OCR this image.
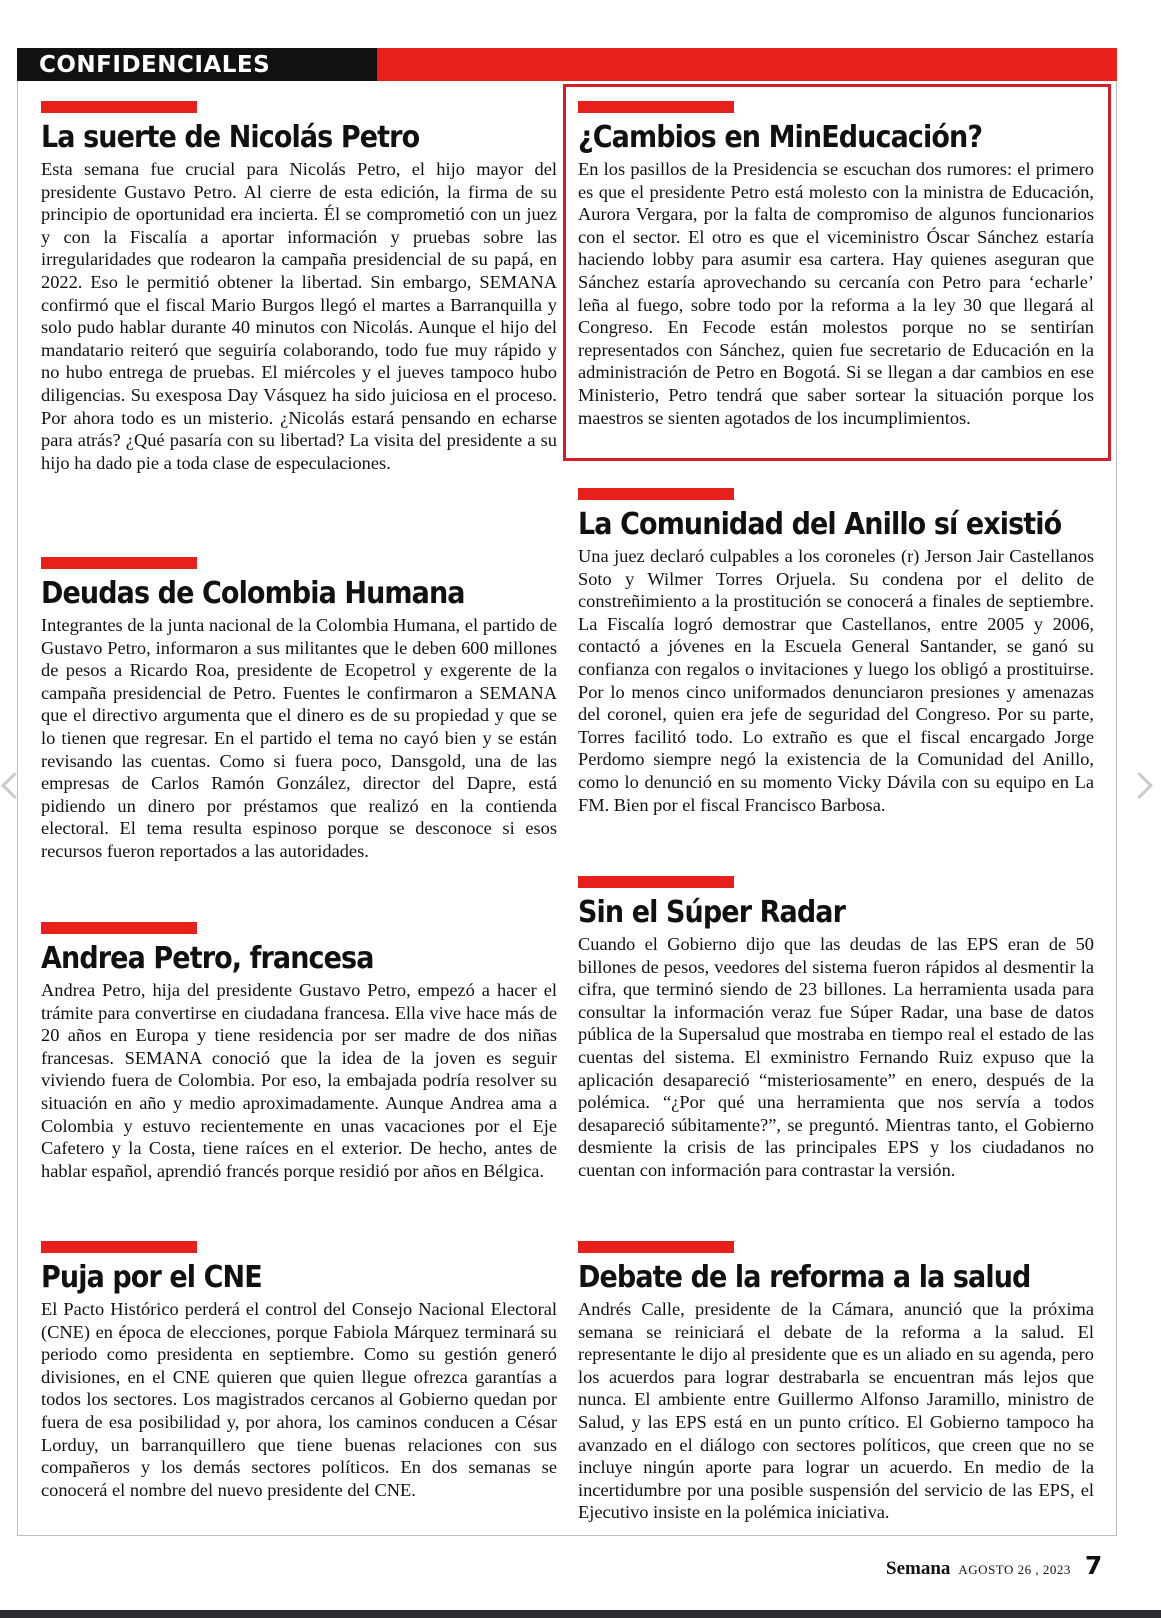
CONFIDENCIALES
La suerte de Nicolás Petro

Esta semana fue crucial para Nicolás Petro, el hijo mayor del presidente Gustavo Petro. Al cierre de esta edición, la firma de su principio de oportunidad era incierta. Él se comprometió con un juez y con la Fiscalía a aportar información y pruebas sobre las irregularidades que rodearon la campaña presidencial de su papá, en 2022. Eso le permitió obtener la libertad. Sin embargo, SEMANA confirmó que el fiscal Mario Burgos llegó el martes a Barranquilla y solo pudo hablar durante 40 minutos con Nicolás. Aunque el hijo del mandatario reiteró que seguiría colaborando, todo fue muy rápido y no hubo entrega de pruebas. El miércoles y el jueves tampoco hubo diligencias. Su exesposa Day Vásquez ha sido juiciosa en el proceso. Por ahora todo es un misterio. ¿Nicolás estará pensando en echarse para atrás? ¿Qué pasaría con su libertad? La visita del presidente a su hijo ha dado pie a toda clase de especulaciones.

Deudas de Colombia Humana

Integrantes de la junta nacional de la Colombia Humana, el partido de Gustavo Petro, informaron a sus militantes que le deben 600 millones de pesos a Ricardo Roa, presidente de Ecopetrol y exgerente de la campaña presidencial de Petro. Fuentes le confirmaron a SEMANA que el directivo argumenta que el dinero es de su propiedad y que se lo tienen que regresar. En el partido el tema no cayó bien y se están revisando las cuentas. Como si fuera poco, Dansgold, una de las empresas de Carlos Ramón González, director del Dapre, está pidiendo un dinero por préstamos que realizó en la contienda electoral. El tema resulta espinoso porque se desconoce si esos recursos fueron reportados a las autoridades.

Andrea Petro, francesa

Andrea Petro, hija del presidente Gustavo Petro, empezó a hacer el trámite para convertirse en ciudadana francesa. Ella vive hace más de 20 años en Europa y tiene residencia por ser madre de dos niñas francesas. SEMANA conoció que la idea de la joven es seguir viviendo fuera de Colombia. Por eso, la embajada podría resolver su situación en año y medio aproximadamente. Aunque Andrea ama a Colombia y estuvo recientemente en unas vacaciones por el Eje Cafetero y la Costa, tiene raíces en el exterior. De hecho, antes de hablar español, aprendió francés porque residió por años en Bélgica.

Puja por el CNE

El Pacto Histórico perderá el control del Consejo Nacional Electoral (CNE) en época de elecciones, porque Fabiola Márquez terminará su periodo como presidenta en septiembre. Como su gestión generó divisiones, en el CNE quieren que quien llegue ofrezca garantías a todos los sectores. Los magistrados cercanos al Gobierno quedan por fuera de esa posibilidad y, por ahora, los caminos conducen a César Lorduy, un barranquillero que tiene buenas relaciones con sus compañeros y los demás sectores políticos. En dos semanas se conocerá el nombre del nuevo presidente del CNE.

¿Cambios en MinEducación?

En los pasillos de la Presidencia se escuchan dos rumores: el primero es que el presidente Petro está molesto con la ministra de Educación, Aurora Vergara, por la falta de compromiso de algunos funcionarios con el sector. El otro es que el viceministro Óscar Sánchez estaría haciendo lobby para asumir esa cartera. Hay quienes aseguran que Sánchez estaría aprovechando su cercanía con Petro para ‘echarle’ leña al fuego, sobre todo por la reforma a la ley 30 que llegará al Congreso. En Fecode están molestos porque no se sentirían representados con Sánchez, quien fue secretario de Educación en la administración de Petro en Bogotá. Si se llegan a dar cambios en ese Ministerio, Petro tendrá que saber sortear la situación porque los maestros se sienten agotados de los incumplimientos.

La Comunidad del Anillo sí existió

Una juez declaró culpables a los coroneles (r) Jerson Jair Castellanos Soto y Wilmer Torres Orjuela. Su condena por el delito de constreñimiento a la prostitución se conocerá a finales de septiembre. La Fiscalía logró demostrar que Castellanos, entre 2005 y 2006, contactó a jóvenes en la Escuela General Santander, se ganó su confianza con regalos o invitaciones y luego los obligó a prostituirse. Por lo menos cinco uniformados denunciaron presiones y amenazas del coronel, quien era jefe de seguridad del Congreso. Por su parte, Torres facilitó todo. Lo extraño es que el fiscal encargado Jorge Perdomo siempre negó la existencia de la Comunidad del Anillo, como lo denunció en su momento Vicky Dávila con su equipo en La FM. Bien por el fiscal Francisco Barbosa.

Sin el Súper Radar

Cuando el Gobierno dijo que las deudas de las EPS eran de 50 billones de pesos, veedores del sistema fueron rápidos al desmentir la cifra, que terminó siendo de 23 billones. La herramienta usada para consultar la información veraz fue Súper Radar, una base de datos pública de la Supersalud que mostraba en tiempo real el estado de las cuentas del sistema. El exministro Fernando Ruiz expuso que la aplicación desapareció “misteriosamente” en enero, después de la polémica. “¿Por qué una herramienta que nos servía a todos desapareció súbitamente?”, se preguntó. Mientras tanto, el Gobierno desmiente la crisis de las principales EPS y los ciudadanos no cuentan con información para contrastar la versión.

Debate de la reforma a la salud

Andrés Calle, presidente de la Cámara, anunció que la próxima semana se reiniciará el debate de la reforma a la salud. El representante le dijo al presidente que es un aliado en su agenda, pero los acuerdos para lograr destrabarla se encuentran más lejos que nunca. El ambiente entre Guillermo Alfonso Jaramillo, ministro de Salud, y las EPS está en un punto crítico. El Gobierno tampoco ha avanzado en el diálogo con sectores políticos, que creen que no se incluye ningún aporte para lograr un acuerdo. En medio de la incertidumbre por una posible suspensión del servicio de las EPS, el Ejecutivo insiste en la polémica iniciativa.

Semana AGOSTO 26 , 2023 7
